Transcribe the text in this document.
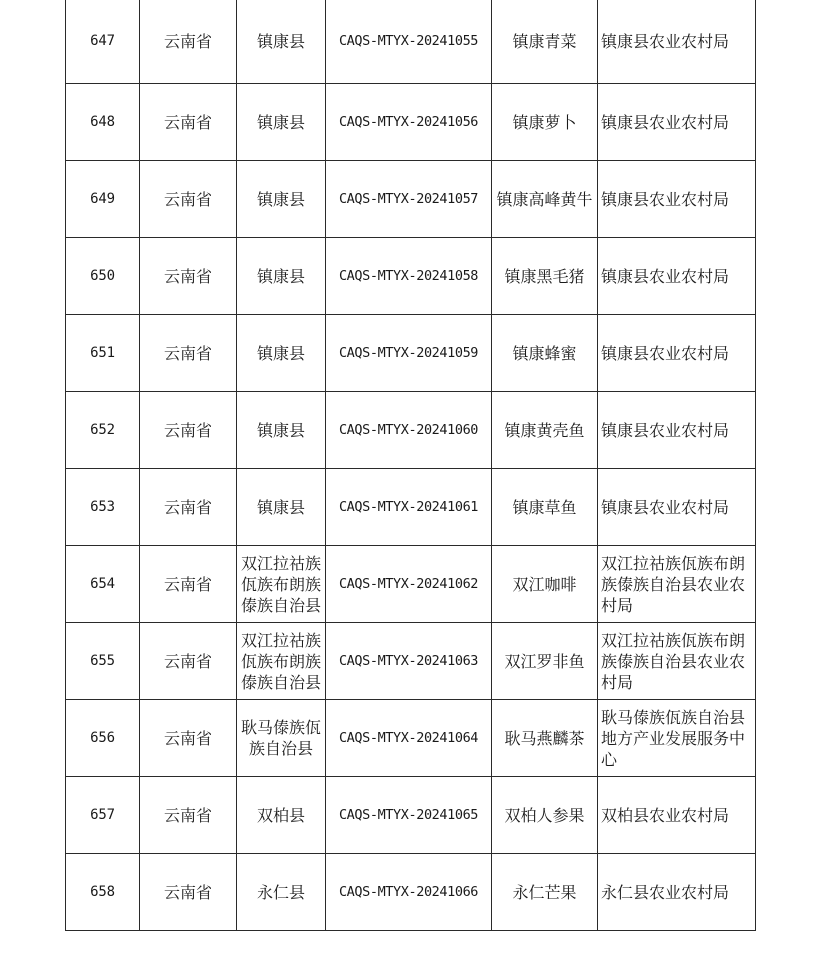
647	云南省	镇康县	CAQS-MTYX-20241055	镇康青菜	镇康县农业农村局

648	云南省	镇康县	CAQS-MTYX-20241056	镇康萝卜	镇康县农业农村局

649	云南省	镇康县	CAQS-MTYX-20241057	镇康高峰黄牛	镇康县农业农村局

650	云南省	镇康县	CAQS-MTYX-20241058	镇康黑毛猪	镇康县农业农村局

651	云南省	镇康县	CAQS-MTYX-20241059	镇康蜂蜜	镇康县农业农村局

652	云南省	镇康县	CAQS-MTYX-20241060	镇康黄壳鱼	镇康县农业农村局

653	云南省	镇康县	CAQS-MTYX-20241061	镇康草鱼	镇康县农业农村局

654	云南省	双江拉祜族佤族布朗族傣族自治县	CAQS-MTYX-20241062	双江咖啡	双江拉祜族佤族布朗族傣族自治县农业农村局

655	云南省	双江拉祜族佤族布朗族傣族自治县	CAQS-MTYX-20241063	双江罗非鱼	双江拉祜族佤族布朗族傣族自治县农业农村局

656	云南省	耿马傣族佤族自治县	CAQS-MTYX-20241064	耿马燕麟茶	耿马傣族佤族自治县地方产业发展服务中心

657	云南省	双柏县	CAQS-MTYX-20241065	双柏人参果	双柏县农业农村局

658	云南省	永仁县	CAQS-MTYX-20241066	永仁芒果	永仁县农业农村局
